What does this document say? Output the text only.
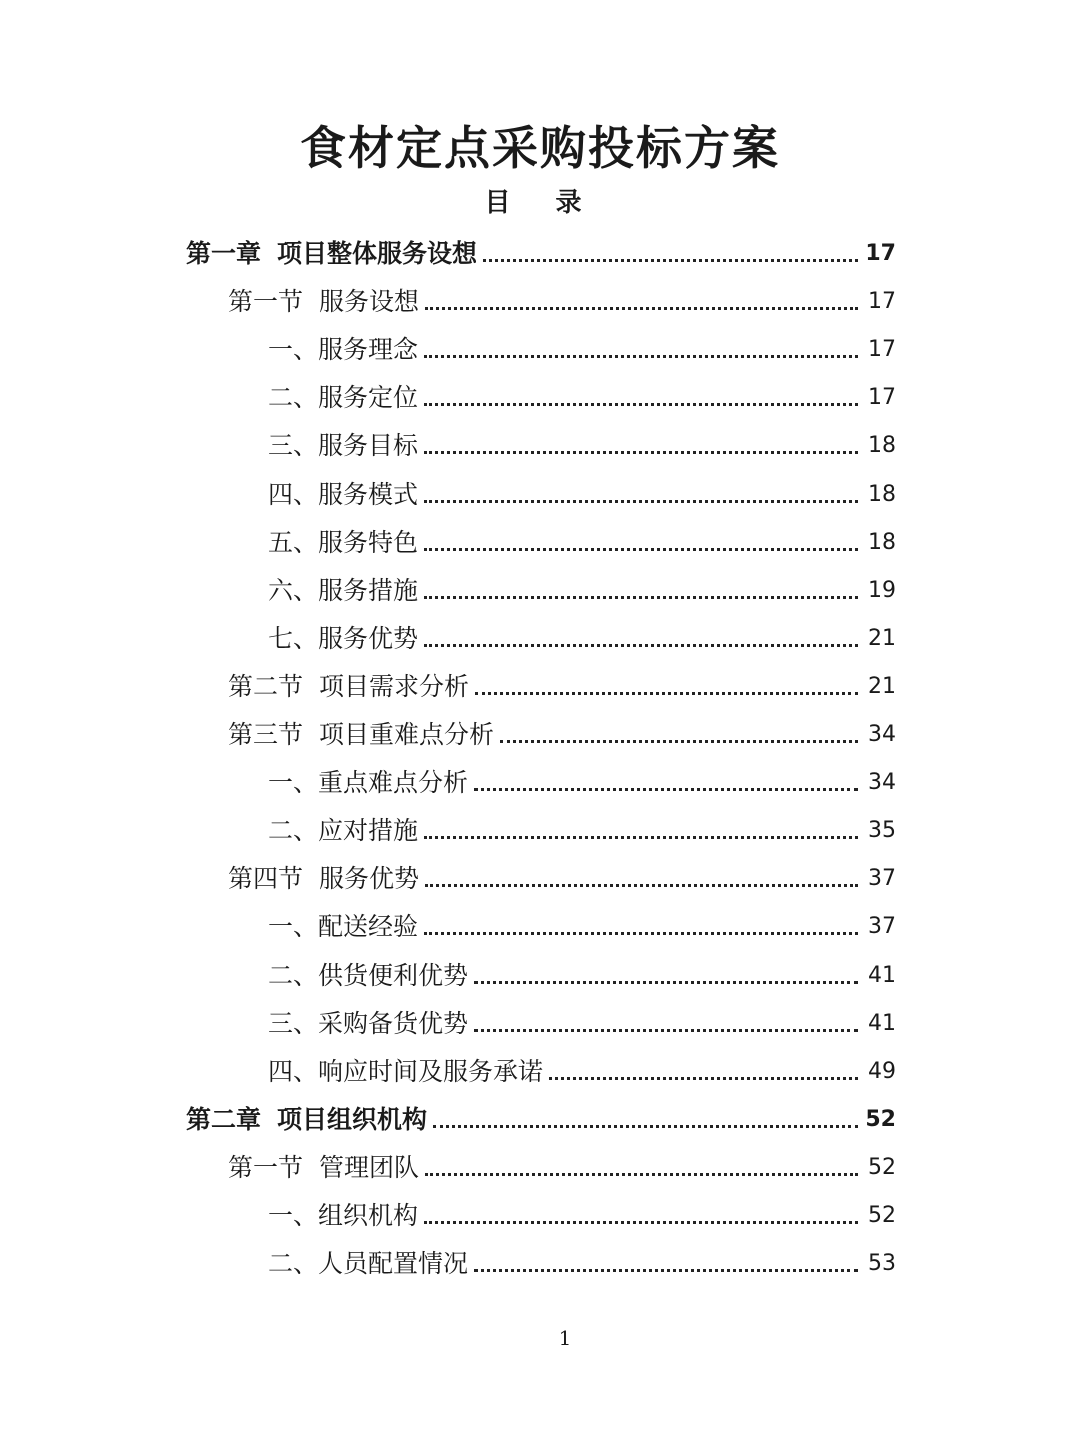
食材定点采购投标方案
目 录
第一章 项目整体服务设想	17
第一节 服务设想	17
一、 服务理念	17
二、 服务定位	17
三、 服务目标	18
四、 服务模式	18
五、 服务特色	18
六、 服务措施	19
七、 服务优势	21
第二节 项目需求分析	21
第三节 项目重难点分析	34
一、 重点难点分析	34
二、 应对措施	35
第四节 服务优势	37
一、 配送经验	37
二、 供货便利优势	41
三、 采购备货优势	41
四、 响应时间及服务承诺	49
第二章 项目组织机构	52
第一节 管理团队	52
一、 组织机构	52
二、 人员配置情况	53
1
